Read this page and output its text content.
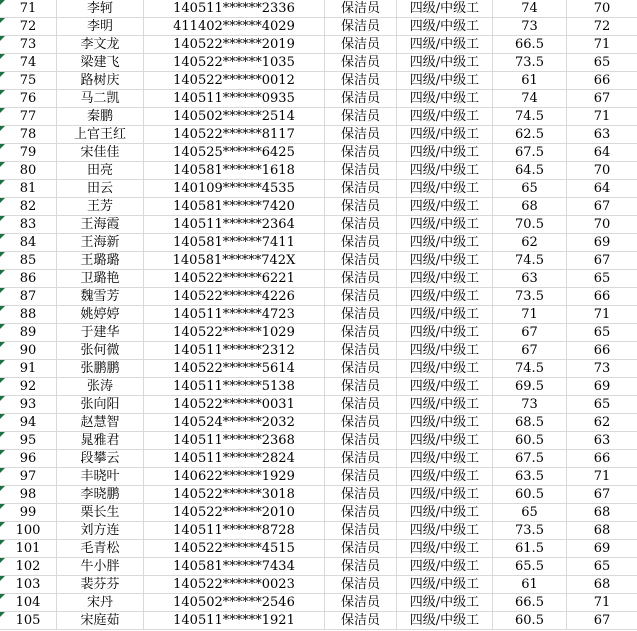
71	李轲	140511******2336	保洁员 四级/中级工	74	70
72	李明	411402******4029	保洁员 四级/中级工	73	72
73	李文龙	140522******2019	保洁员 四级/中级工	66.5	71
74	梁建飞	140522******1035	保洁员 四级/中级工	73.5	65
75	路树庆	140522******0012	保洁员 四级/中级工	61	66
76	马二凯	140511******0935	保洁员 四级/中级工	74	67
77	秦鹏	140502******2514	保洁员 四级/中级工	74.5	71
78	上官王红	140522******8117	保洁员 四级/中级工	62.5	63
79	宋佳佳	140525******6425	保洁员 四级/中级工	67.5	64
80	田亮	140581******1618	保洁员 四级/中级工	64.5	70
81	田云	140109******4535	保洁员 四级/中级工	65	64
82	王芳	140581******7420	保洁员 四级/中级工	68	67
83	王海霞	140511******2364	保洁员 四级/中级工	70.5	70
84	王海新	140581******7411	保洁员 四级/中级工	62	69
85	王璐璐	140581******742X	保洁员 四级/中级工	74.5	67
86	卫璐艳	140522******6221	保洁员 四级/中级工	63	65
87	魏雪芳	140522******4226	保洁员 四级/中级工	73.5	66
88	姚婷婷	140511******4723	保洁员 四级/中级工	71	71
89	于建华	140522******1029	保洁员 四级/中级工	67	65
90	张何微	140511******2312	保洁员 四级/中级工	67	66
91	张鹏鹏	140522******5614	保洁员 四级/中级工	74.5	73
92	张涛	140511******5138	保洁员 四级/中级工	69.5	69
93	张向阳	140522******0031	保洁员 四级/中级工	73	65
94	赵慧智	140524******2032	保洁员 四级/中级工	68.5	62
95	晁雅君	140511******2368	保洁员 四级/中级工	60.5	63
96	段攀云	140511******2824	保洁员 四级/中级工	67.5	66
97	丰晓叶	140622******1929	保洁员 四级/中级工	63.5	71
98	李晓鹏	140522******3018	保洁员 四级/中级工	60.5	67
99	栗长生	140522******2010	保洁员 四级/中级工	65	68
100	刘方连	140511******8728	保洁员 四级/中级工	73.5	68
101	毛青松	140522******4515	保洁员 四级/中级工	61.5	69
102	牛小胖	140581******7434	保洁员 四级/中级工	65.5	65
103	裴芬芬	140522******0023	保洁员 四级/中级工	61	68
104	宋丹	140502******2546	保洁员 四级/中级工	66.5	71
105	宋庭茹	140511******1921	保洁员 四级/中级工	60.5	67
